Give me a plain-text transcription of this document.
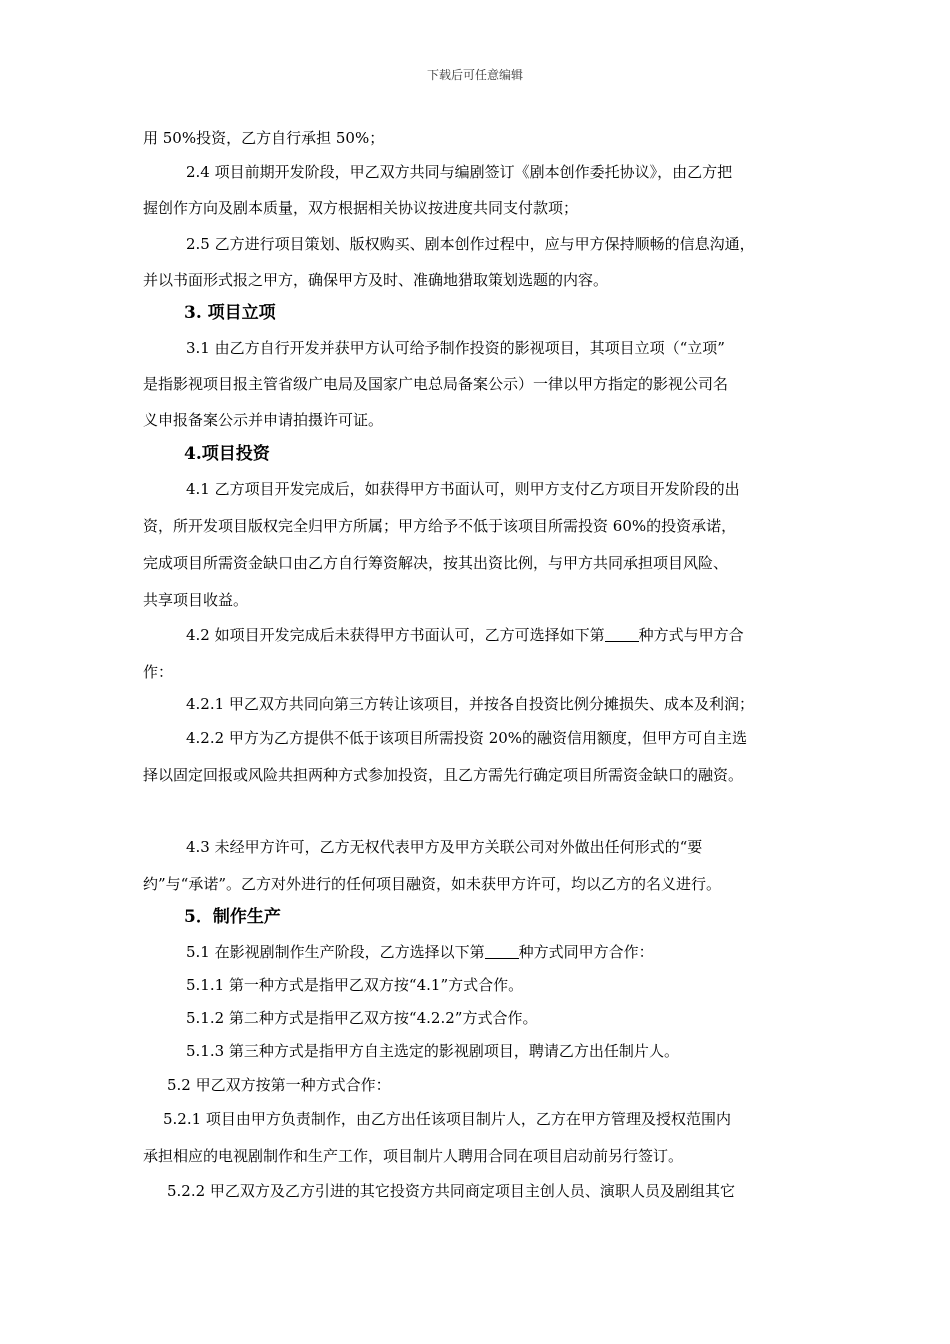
下载后可任意编辑
用 50%投资，乙方自行承担 50%；
2.4 项目前期开发阶段，甲乙双方共同与编剧签订《剧本创作委托协议》，由乙方把
握创作方向及剧本质量，双方根据相关协议按进度共同支付款项；
2.5 乙方进行项目策划、版权购买、剧本创作过程中，应与甲方保持顺畅的信息沟通，
并以书面形式报之甲方，确保甲方及时、准确地猎取策划选题的内容。
3. 项目立项
3.1 由乙方自行开发并获甲方认可给予制作投资的影视项目，其项目立项（“立项”
是指影视项目报主管省级广电局及国家广电总局备案公示）一律以甲方指定的影视公司名
义申报备案公示并申请拍摄许可证。
4.项目投资
4.1 乙方项目开发完成后，如获得甲方书面认可，则甲方支付乙方项目开发阶段的出
资，所开发项目版权完全归甲方所属；甲方给予不低于该项目所需投资 60%的投资承诺，
完成项目所需资金缺口由乙方自行筹资解决，按其出资比例，与甲方共同承担项目风险、
共享项目收益。
4.2 如项目开发完成后未获得甲方书面认可，乙方可选择如下第 种方式与甲方合
作：
4.2.1 甲乙双方共同向第三方转让该项目，并按各自投资比例分摊损失、成本及利润；
4.2.2 甲方为乙方提供不低于该项目所需投资 20%的融资信用额度，但甲方可自主选
择以固定回报或风险共担两种方式参加投资，且乙方需先行确定项目所需资金缺口的融资。
4.3 未经甲方许可，乙方无权代表甲方及甲方关联公司对外做出任何形式的“要
约”与“承诺”。乙方对外进行的任何项目融资，如未获甲方许可，均以乙方的名义进行。
5．制作生产
5.1 在影视剧制作生产阶段，乙方选择以下第 种方式同甲方合作：
5.1.1 第一种方式是指甲乙双方按“4.1”方式合作。
5.1.2 第二种方式是指甲乙双方按“4.2.2”方式合作。
5.1.3 第三种方式是指甲方自主选定的影视剧项目，聘请乙方出任制片人。
5.2 甲乙双方按第一种方式合作：
5.2.1 项目由甲方负责制作，由乙方出任该项目制片人，乙方在甲方管理及授权范围内
承担相应的电视剧制作和生产工作，项目制片人聘用合同在项目启动前另行签订。
5.2.2 甲乙双方及乙方引进的其它投资方共同商定项目主创人员、演职人员及剧组其它
